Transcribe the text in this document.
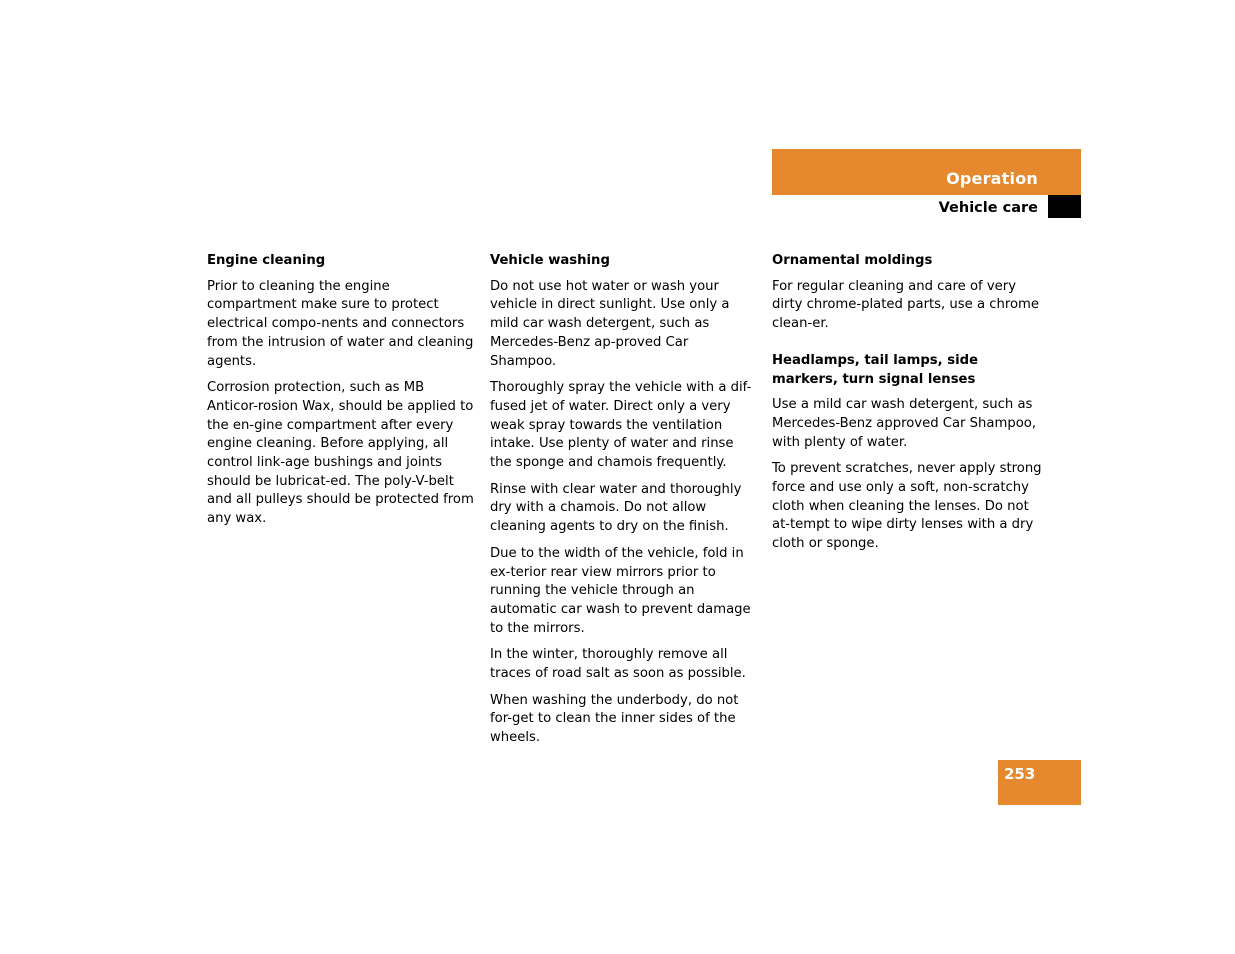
Operation
Vehicle care
Engine cleaning
Prior to cleaning the engine compartment make sure to protect electrical compo-nents and connectors from the intrusion of water and cleaning agents.
Corrosion protection, such as MB Anticor-rosion Wax, should be applied to the en-gine compartment after every engine cleaning. Before applying, all control link-age bushings and joints should be lubricat-ed. The poly-V-belt and all pulleys should be protected from any wax.
Vehicle washing
Do not use hot water or wash your vehicle in direct sunlight. Use only a mild car wash detergent, such as Mercedes-Benz ap-proved Car Shampoo.
Thoroughly spray the vehicle with a dif-fused jet of water. Direct only a very weak spray towards the ventilation intake. Use plenty of water and rinse the sponge and chamois frequently.
Rinse with clear water and thoroughly dry with a chamois. Do not allow cleaning agents to dry on the finish.
Due to the width of the vehicle, fold in ex-terior rear view mirrors prior to running the vehicle through an automatic car wash to prevent damage to the mirrors.
In the winter, thoroughly remove all traces of road salt as soon as possible.
When washing the underbody, do not for-get to clean the inner sides of the wheels.
Ornamental moldings
For regular cleaning and care of very dirty chrome-plated parts, use a chrome clean-er.
Headlamps, tail lamps, side markers, turn signal lenses
Use a mild car wash detergent, such as Mercedes-Benz approved Car Shampoo, with plenty of water.
To prevent scratches, never apply strong force and use only a soft, non-scratchy cloth when cleaning the lenses. Do not at-tempt to wipe dirty lenses with a dry cloth or sponge.
253
